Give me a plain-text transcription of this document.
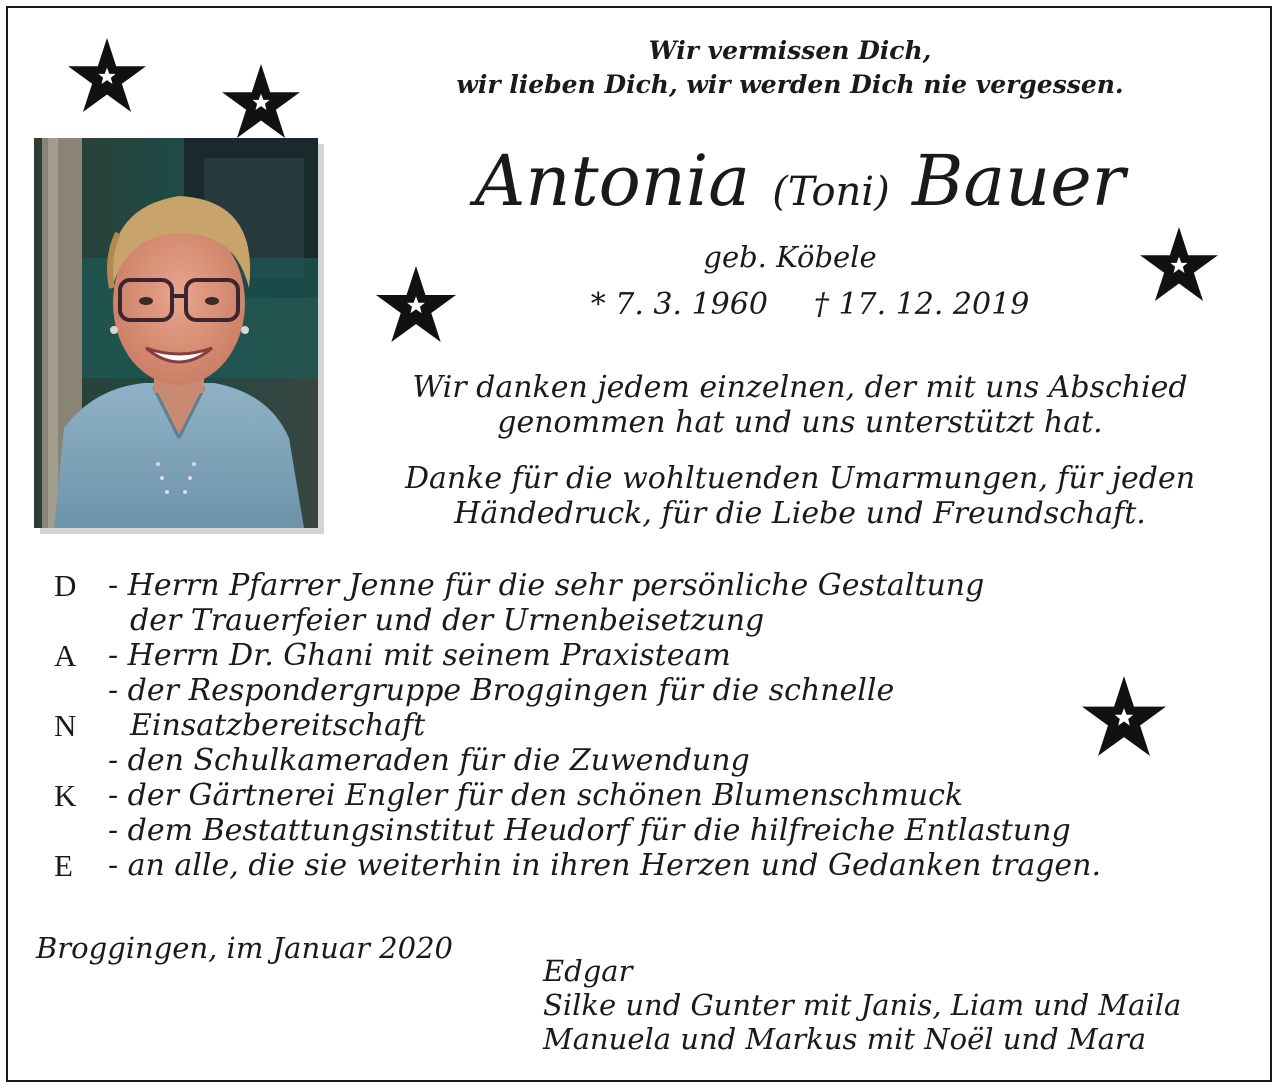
Wir vermissen Dich,
wir lieben Dich, wir werden Dich nie vergessen.
Antonia (Toni) Bauer
geb. Köbele
* 7. 3. 1960 † 17. 12. 2019
Wir danken jedem einzelnen, der mit uns Abschied
genommen hat und uns unterstützt hat.
Danke für die wohltuenden Umarmungen, für jeden
Händedruck, für die Liebe und Freundschaft.
D - Herrn Pfarrer Jenne für die sehr persönliche Gestaltung
der Trauerfeier und der Urnenbeisetzung
A - Herrn Dr. Ghani mit seinem Praxisteam
- der Respondergruppe Broggingen für die schnelle
N Einsatzbereitschaft
- den Schulkameraden für die Zuwendung
K - der Gärtnerei Engler für den schönen Blumenschmuck
- dem Bestattungsinstitut Heudorf für die hilfreiche Entlastung
E - an alle, die sie weiterhin in ihren Herzen und Gedanken tragen.
Broggingen, im Januar 2020
Edgar
Silke und Gunter mit Janis, Liam und Maila
Manuela und Markus mit Noël und Mara
